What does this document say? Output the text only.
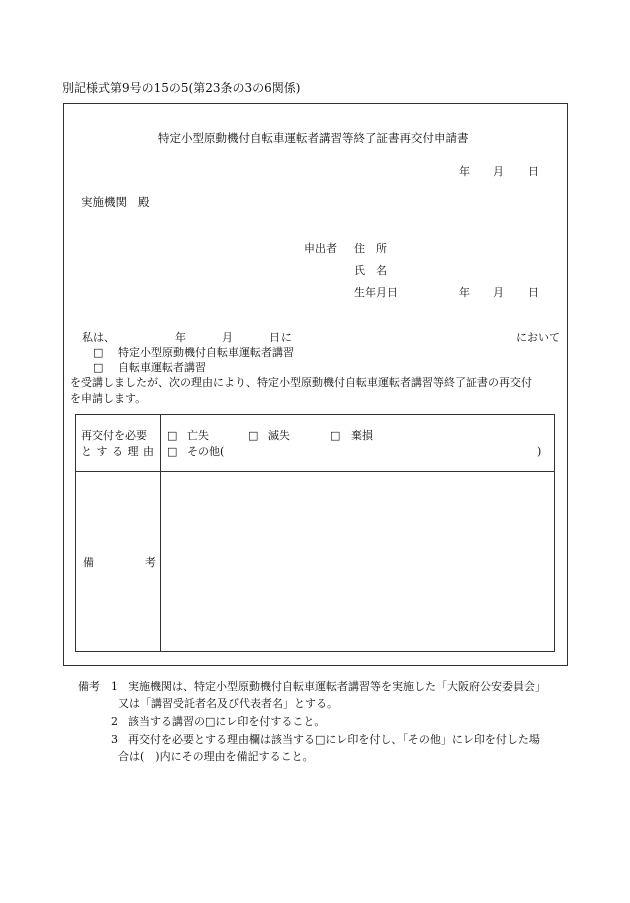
別記様式第9号の15の5(第23条の3の6関係)
特定小型原動機付自転車運転者講習等終了証書再交付申請書
年 月 日
実施機関 殿
申出者 住　所
氏　名
生年月日	年 月 日
私は、	年	月	日 に	において
□ 特定小型原動機付自転車運転者講習
□ 自転車運転者講習
を受講しましたが、次の理由により、特定小型原動機付自転車運転者講習等終了証書の再交付
を申請します。
再交付を必要
とする理由
□ 亡失	□ 滅失	□ 棄損
□ その他(	)
備	考
備考 1 実施機関は、特定小型原動機付自転車運転者講習等を実施した「大阪府公安委員会」
又は「講習受託者名及び代表者名」とする。
2 該当する講習の□にレ印を付すること。
3 再交付を必要とする理由欄は該当する□にレ印を付し、「その他」にレ印を付した場
合は(　)内にその理由を備記すること。
